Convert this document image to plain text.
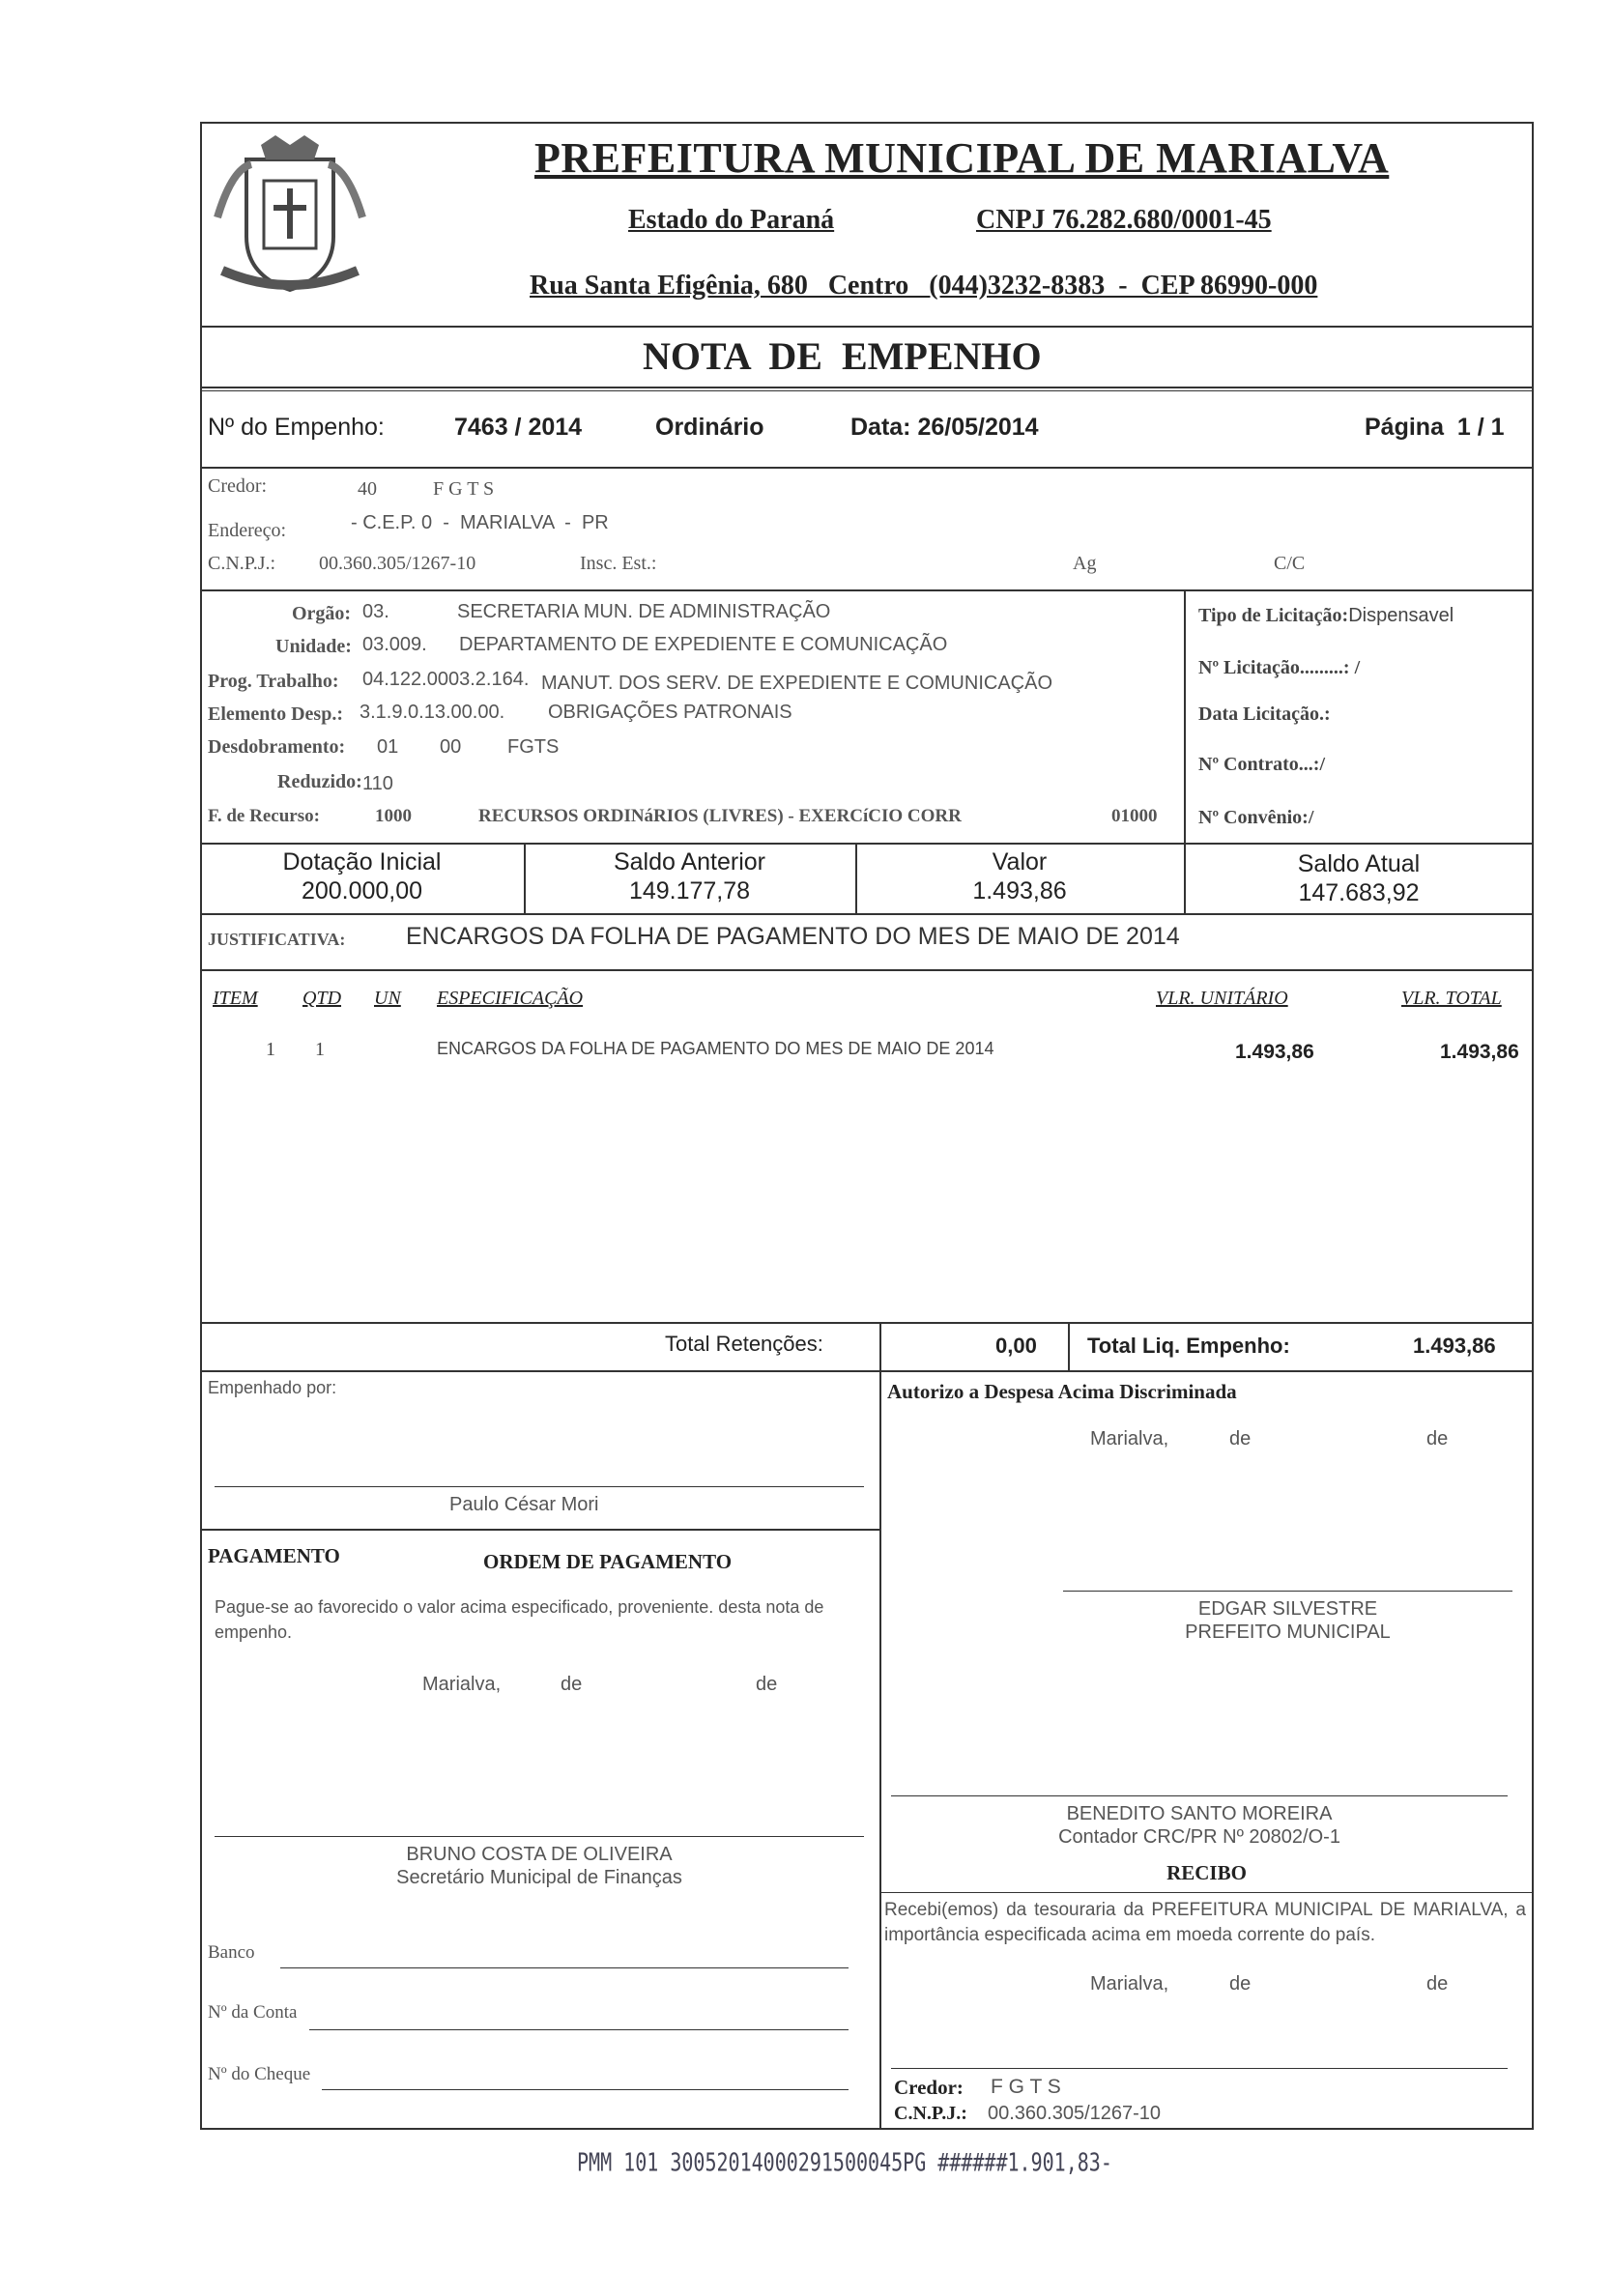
PREFEITURA MUNICIPAL DE MARIALVA
Estado do Paraná	CNPJ 76.282.680/0001-45
Rua Santa Efigênia, 680   Centro   (044)3232-8383  -  CEP 86990-000
NOTA  DE  EMPENHO
Nº do Empenho:	7463 / 2014	Ordinário	Data: 26/05/2014	Página  1 / 1
Credor:	40	F G T S
Endereço:	- C.E.P. 0  -  MARIALVA  -  PR
C.N.P.J.: 00.360.305/1267-10	Insc. Est.:	Ag	C/C
Orgão: 03.	SECRETARIA MUN. DE ADMINISTRAÇÃO
Unidade: 03.009. DEPARTAMENTO DE EXPEDIENTE E COMUNICAÇÃO
Prog. Trabalho: 04.122.0003.2.164. MANUT. DOS SERV. DE EXPEDIENTE E COMUNICAÇÃO
Elemento Desp.: 3.1.9.0.13.00.00. OBRIGAÇÕES PATRONAIS
Desdobramento: 01 00 FGTS
Reduzido: 110
F. de Recurso:	1000	RECURSOS ORDINáRIOS (LIVRES) - EXERCíCIO CORR	01000
Tipo de Licitação:Dispensavel
Nº Licitação.........: /
Data Licitação.:
Nº Contrato...:/
Nº Convênio:/
Dotação Inicial
200.000,00
Saldo Anterior
149.177,78
Valor
1.493,86
Saldo Atual
147.683,92
JUSTIFICATIVA:	ENCARGOS DA FOLHA DE PAGAMENTO DO MES DE MAIO DE 2014
ITEM QTD UN ESPECIFICAÇÃO	VLR. UNITÁRIO	VLR. TOTAL
1 1	ENCARGOS DA FOLHA DE PAGAMENTO DO MES DE MAIO DE 2014	1.493,86	1.493,86
Total Retenções:	0,00 Total Liq. Empenho:	1.493,86
Empenhado por:
Paulo César Mori
Autorizo a Despesa Acima Discriminada
Marialva,	de	de
EDGAR SILVESTRE
PREFEITO MUNICIPAL
PAGAMENTO	ORDEM DE PAGAMENTO
Pague-se ao favorecido o valor acima especificado, proveniente. desta nota de empenho.
Marialva,	de	de
BENEDITO SANTO MOREIRA
Contador CRC/PR Nº 20802/O-1
BRUNO COSTA DE OLIVEIRA
Secretário Municipal de Finanças	RECIBO
Recebi(emos) da tesouraria da PREFEITURA MUNICIPAL DE MARIALVA, a importância especificada acima em moeda corrente do país.
Marialva,	de	de
Credor: F G T S
C.N.P.J.: 00.360.305/1267-10
Banco
Nº da Conta
Nº do Cheque
PMM 101 30052014000291500045PG ######1.901,83-
